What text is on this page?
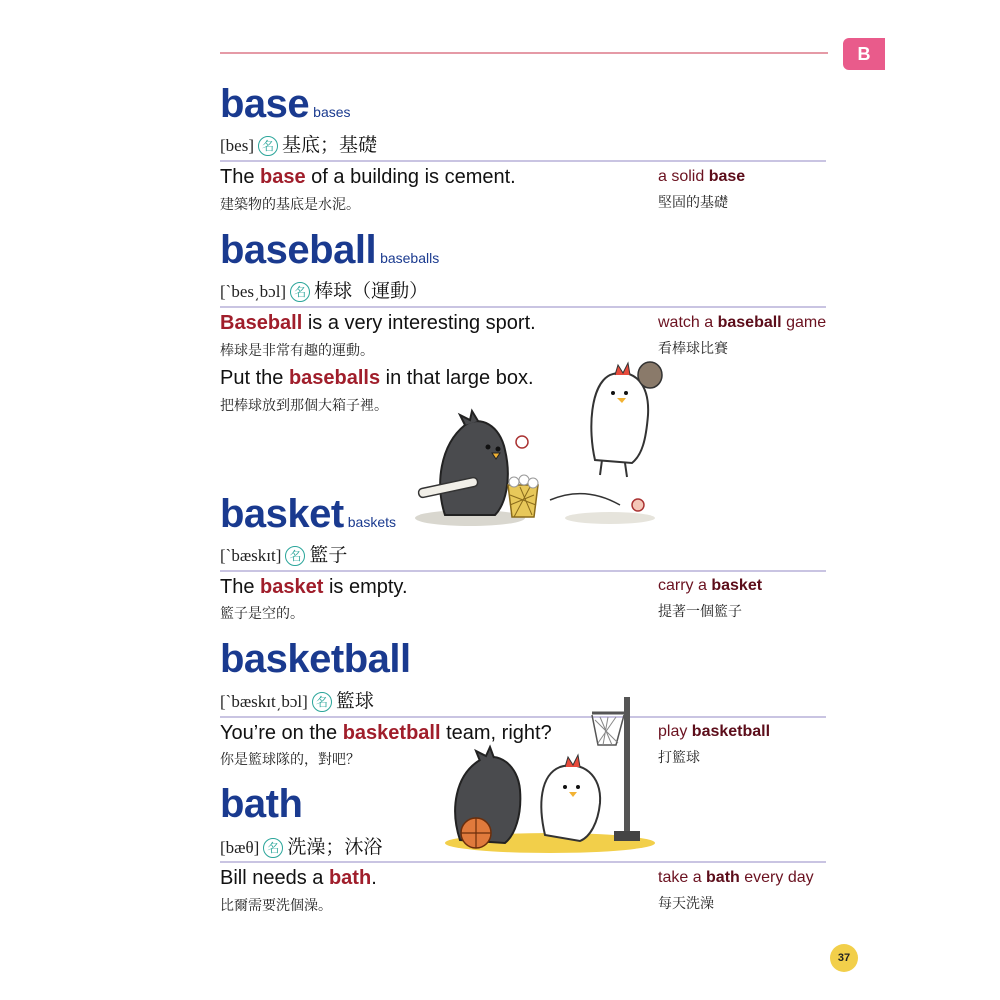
B
base bases
[bes] 名 基底；基礎
The base of a building is cement.
建築物的基底是水泥。
a solid base
堅固的基礎
baseball baseballs
[`bes͵bɔl] 名 棒球（運動）
Baseball is a very interesting sport.
棒球是非常有趣的運動。
Put the baseballs in that large box.
把棒球放到那個大箱子裡。
watch a baseball game
看棒球比賽
basket baskets
[`bæskɪt] 名 籃子
The basket is empty.
籃子是空的。
carry a basket
提著一個籃子
basketball
[`bæskɪt͵bɔl] 名 籃球
You’re on the basketball team, right?
你是籃球隊的，對吧？
play basketball
打籃球
bath
[bæθ] 名 洗澡；沐浴
Bill needs a bath.
比爾需要洗個澡。
take a bath every day
每天洗澡
37
